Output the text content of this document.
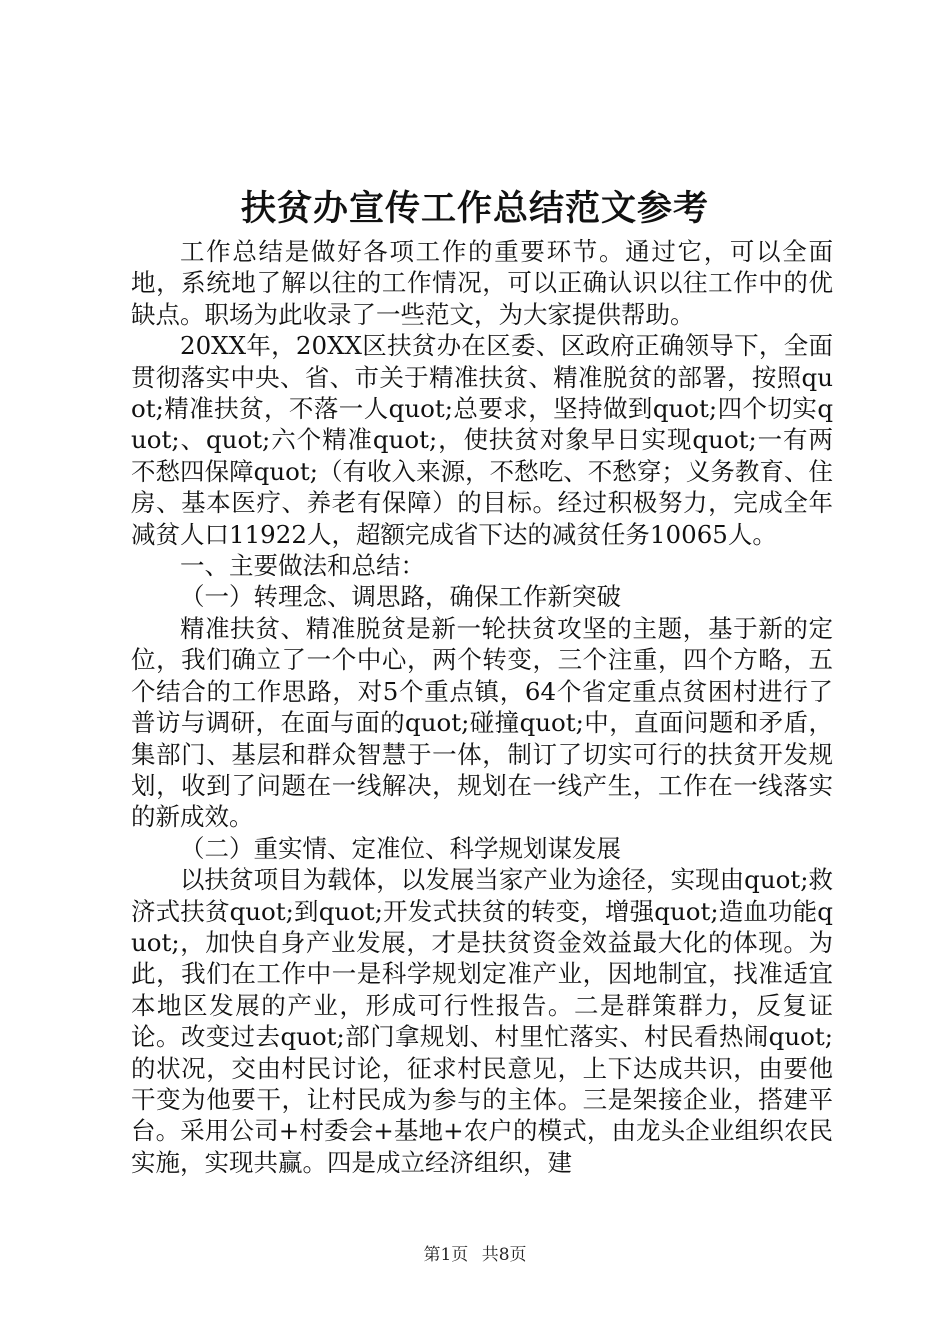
扶贫办宣传工作总结范文参考

工作总结是做好各项工作的重要环节。通过它，可以全面地，系统地了解以往的工作情况，可以正确认识以往工作中的优缺点。职场为此收录了一些范文，为大家提供帮助。

20XX年，20XX区扶贫办在区委、区政府正确领导下，全面贯彻落实中央、省、市关于精准扶贫、精准脱贫的部署，按照quot;精准扶贫，不落一人quot;总要求，坚持做到quot;四个切实quot;、quot;六个精准quot;，使扶贫对象早日实现quot;一有两不愁四保障quot;（有收入来源，不愁吃、不愁穿；义务教育、住房、基本医疗、养老有保障）的目标。经过积极努力，完成全年减贫人口11922人，超额完成省下达的减贫任务10065人。

一、主要做法和总结：

（一）转理念、调思路，确保工作新突破

精准扶贫、精准脱贫是新一轮扶贫攻坚的主题，基于新的定位，我们确立了一个中心，两个转变，三个注重，四个方略，五个结合的工作思路，对5个重点镇，64个省定重点贫困村进行了普访与调研，在面与面的quot;碰撞quot;中，直面问题和矛盾，集部门、基层和群众智慧于一体，制订了切实可行的扶贫开发规划，收到了问题在一线解决，规划在一线产生，工作在一线落实的新成效。

（二）重实情、定准位、科学规划谋发展

以扶贫项目为载体，以发展当家产业为途径，实现由quot;救济式扶贫quot;到quot;开发式扶贫的转变，增强quot;造血功能quot;，加快自身产业发展，才是扶贫资金效益最大化的体现。为此，我们在工作中一是科学规划定准产业，因地制宜，找准适宜本地区发展的产业，形成可行性报告。二是群策群力，反复证论。改变过去quot;部门拿规划、村里忙落实、村民看热闹quot;的状况，交由村民讨论，征求村民意见，上下达成共识，由要他干变为他要干，让村民成为参与的主体。三是架接企业，搭建平台。采用公司+村委会+基地+农户的模式，由龙头企业组织农民实施，实现共赢。四是成立经济组织，建

第1页 共8页
